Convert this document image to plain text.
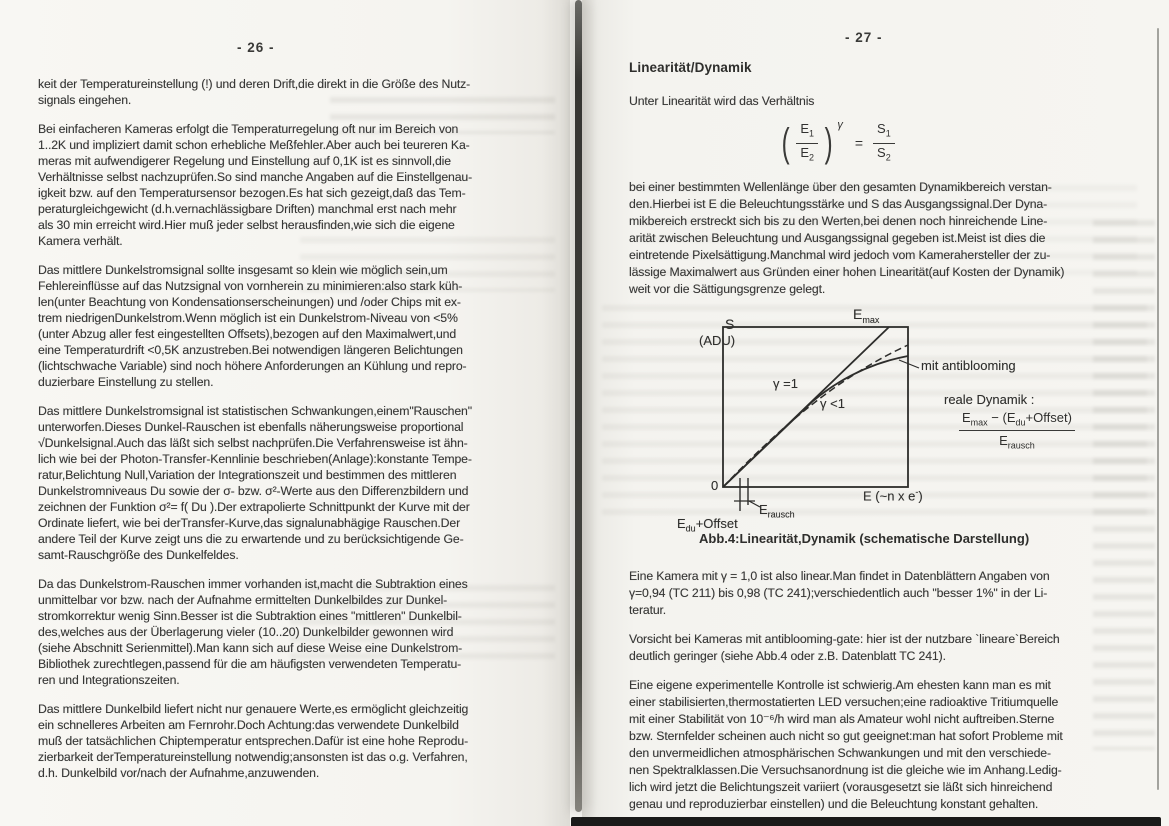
- 26 -
keit der Temperatureinstellung (!) und deren Drift,die direkt in die Größe des Nutz-
signals eingehen.
Bei einfacheren Kameras erfolgt die Temperaturregelung oft nur im Bereich von
1..2K und impliziert damit schon erhebliche Meßfehler.Aber auch bei teureren Ka-
meras mit aufwendigerer Regelung und Einstellung auf 0,1K ist es sinnvoll,die
Verhältnisse selbst nachzuprüfen.So sind manche Angaben auf die Einstellgenau-
igkeit bzw. auf den Temperatursensor bezogen.Es hat sich gezeigt,daß das Tem-
peraturgleichgewicht (d.h.vernachlässigbare Driften) manchmal erst nach mehr
als 30 min erreicht wird.Hier muß jeder selbst herausfinden,wie sich die eigene
Kamera verhält.
Das mittlere Dunkelstromsignal sollte insgesamt so klein wie möglich sein,um
Fehlereinflüsse auf das Nutzsignal von vornherein zu minimieren:also stark küh-
len(unter Beachtung von Kondensationserscheinungen) und /oder Chips mit ex-
trem niedrigenDunkelstrom.Wenn möglich ist ein Dunkelstrom-Niveau von <5%
(unter Abzug aller fest eingestellten Offsets),bezogen auf den Maximalwert,und
eine Temperaturdrift <0,5K anzustreben.Bei notwendigen längeren Belichtungen
(lichtschwache Variable) sind noch höhere Anforderungen an Kühlung und repro-
duzierbare Einstellung zu stellen.
Das mittlere Dunkelstromsignal ist statistischen Schwankungen,einem"Rauschen"
unterworfen.Dieses Dunkel-Rauschen ist ebenfalls näherungsweise proportional
√Dunkelsignal.Auch das läßt sich selbst nachprüfen.Die Verfahrensweise ist ähn-
lich wie bei der Photon-Transfer-Kennlinie beschrieben(Anlage):konstante Tempe-
ratur,Belichtung Null,Variation der Integrationszeit und bestimmen des mittleren
Dunkelstromniveaus Du sowie der σ- bzw. σ²-Werte aus den Differenzbildern und
zeichnen der Funktion σ²= f( Du ).Der extrapolierte Schnittpunkt der Kurve mit der
Ordinate liefert, wie bei derTransfer-Kurve,das signalunabhägige Rauschen.Der
andere Teil der Kurve zeigt uns die zu erwartende und zu berücksichtigende Ge-
samt-Rauschgröße des Dunkelfeldes.
Da das Dunkelstrom-Rauschen immer vorhanden ist,macht die Subtraktion eines
unmittelbar vor bzw. nach der Aufnahme ermittelten Dunkelbildes zur Dunkel-
stromkorrektur wenig Sinn.Besser ist die Subtraktion eines "mittleren" Dunkelbil-
des,welches aus der Überlagerung vieler (10..20) Dunkelbilder gewonnen wird
(siehe Abschnitt Serienmittel).Man kann sich auf diese Weise eine Dunkelstrom-
Bibliothek zurechtlegen,passend für die am häufigsten verwendeten Temperatu-
ren und Integrationszeiten.
Das mittlere Dunkelbild liefert nicht nur genauere Werte,es ermöglicht gleichzeitig
ein schnelleres Arbeiten am Fernrohr.Doch Achtung:das verwendete Dunkelbild
muß der tatsächlichen Chiptemperatur entsprechen.Dafür ist eine hohe Reprodu-
zierbarkeit derTemperatureinstellung notwendig;ansonsten ist das o.g. Verfahren,
d.h. Dunkelbild vor/nach der Aufnahme,anzuwenden.
- 27 -
Linearität/Dynamik
Unter Linearität wird das Verhältnis
( $\frac{E_1}{E_2}$ ) γ
= $\frac{S_1}{S_2}$
bei einer bestimmten Wellenlänge über den gesamten Dynamikbereich verstan-
den.Hierbei ist E die Beleuchtungsstärke und S das Ausgangssignal.Der Dyna-
mikbereich erstreckt sich bis zu den Werten,bei denen noch hinreichende Line-
arität zwischen Beleuchtung und Ausgangssignal gegeben ist.Meist ist dies die
eintretende Pixelsättigung.Manchmal wird jedoch vom Kamerahersteller der zu-
lässige Maximalwert aus Gründen einer hohen Linearität(auf Kosten der Dynamik)
weit vor die Sättigungsgrenze gelegt.
S
(ADU)
$E_{max}$
γ =1
γ <1
mit antiblooming
reale Dynamik :
$E_{max}$ − $(E_{du}+Offset)$
$E_{rausch}$
0
E (~n x e-)
$E_{rausch}$
$E_{du}+Offset$
Abb.4:Linearität,Dynamik (schematische Darstellung)
Eine Kamera mit γ = 1,0 ist also linear.Man findet in Datenblättern Angaben von
γ=0,94 (TC 211) bis 0,98 (TC 241);verschiedentlich auch "besser 1%" in der Li-
teratur.
Vorsicht bei Kameras mit antiblooming-gate: hier ist der nutzbare `lineare`Bereich
deutlich geringer (siehe Abb.4 oder z.B. Datenblatt TC 241).
Eine eigene experimentelle Kontrolle ist schwierig.Am ehesten kann man es mit
einer stabilisierten,thermostatierten LED versuchen;eine radioaktive Tritiumquelle
mit einer Stabilität von 10⁻⁶/h wird man als Amateur wohl nicht auftreiben.Sterne
bzw. Sternfelder scheinen auch nicht so gut geeignet:man hat sofort Probleme mit
den unvermeidlichen atmosphärischen Schwankungen und mit den verschiede-
nen Spektralklassen.Die Versuchsanordnung ist die gleiche wie im Anhang.Ledig-
lich wird jetzt die Belichtungszeit variiert (vorausgesetzt sie läßt sich hinreichend
genau und reproduzierbar einstellen) und die Beleuchtung konstant gehalten.
